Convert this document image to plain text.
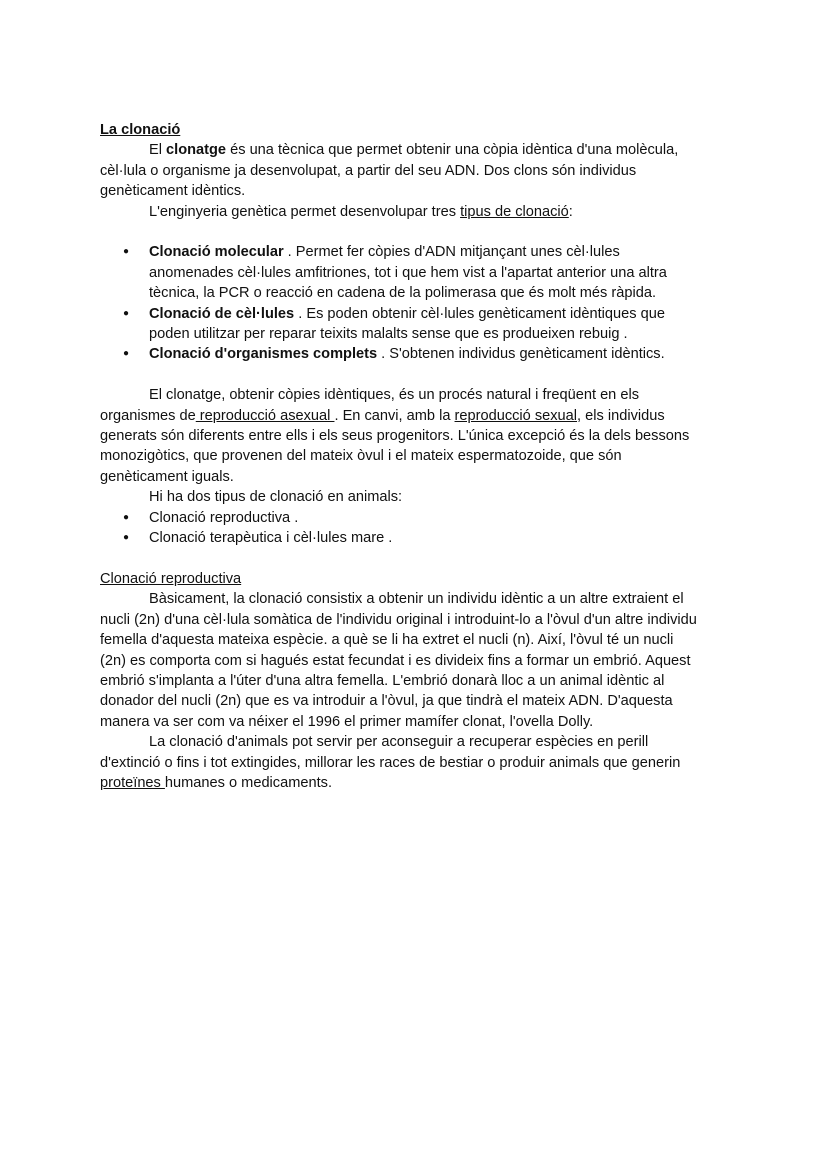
La clonació
El clonatge és una tècnica que permet obtenir una còpia idèntica d'una molècula,
cèl·lula o organisme ja desenvolupat, a partir del seu ADN. Dos clons són individus
genèticament idèntics.
L'enginyeria genètica permet desenvolupar tres tipus de clonació:
● Clonació molecular . Permet fer còpies d'ADN mitjançant unes cèl·lules
anomenades cèl·lules amfitriones, tot i que hem vist a l'apartat anterior una altra
tècnica, la PCR o reacció en cadena de la polimerasa que és molt més ràpida.
● Clonació de cèl·lules . Es poden obtenir cèl·lules genèticament idèntiques que
poden utilitzar per reparar teixits malalts sense que es produeixen rebuig .
● Clonació d'organismes complets . S'obtenen individus genèticament idèntics.
El clonatge, obtenir còpies idèntiques, és un procés natural i freqüent en els
organismes de reproducció asexual . En canvi, amb la reproducció sexual, els individus
generats són diferents entre ells i els seus progenitors. L'única excepció és la dels bessons
monozigòtics, que provenen del mateix òvul i el mateix espermatozoide, que són
genèticament iguals.
Hi ha dos tipus de clonació en animals:
● Clonació reproductiva .
● Clonació terapèutica i cèl·lules mare .
Clonació reproductiva
Bàsicament, la clonació consistix a obtenir un individu idèntic a un altre extraient el
nucli (2n) d'una cèl·lula somàtica de l'individu original i introduint-lo a l'òvul d'un altre individu
femella d'aquesta mateixa espècie. a què se li ha extret el nucli (n). Així, l'òvul té un nucli
(2n) es comporta com si hagués estat fecundat i es divideix fins a formar un embrió. Aquest
embrió s'implanta a l'úter d'una altra femella. L'embrió donarà lloc a un animal idèntic al
donador del nucli (2n) que es va introduir a l'òvul, ja que tindrà el mateix ADN. D'aquesta
manera va ser com va néixer el 1996 el primer mamífer clonat, l'ovella Dolly.
La clonació d'animals pot servir per aconseguir a recuperar espècies en perill
d'extinció o fins i tot extingides, millorar les races de bestiar o produir animals que generin
proteïnes humanes o medicaments.
